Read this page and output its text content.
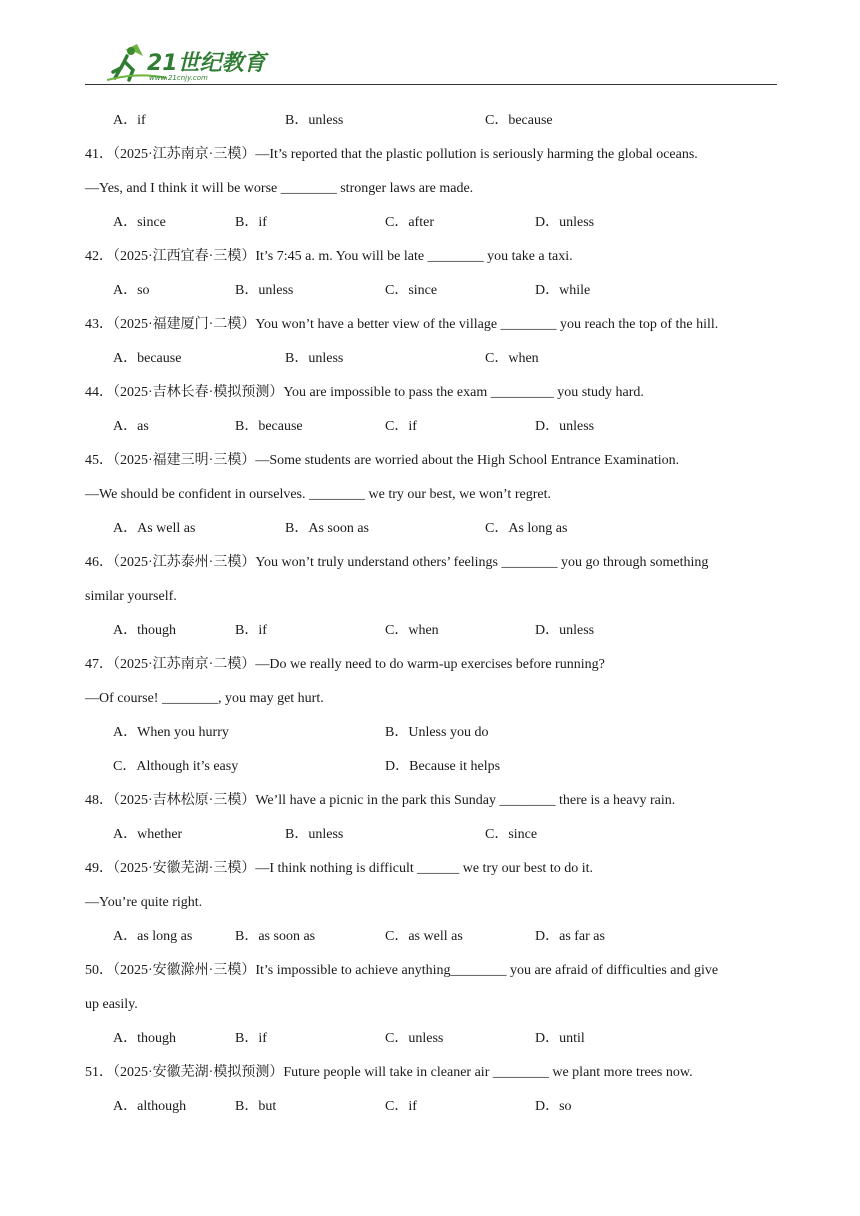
21世纪教育
www.21cnjy.com
A．if	B．unless	C．because
41．（2025·江苏南京·三模）—It’s reported that the plastic pollution is seriously harming the global oceans.
—Yes, and I think it will be worse ________ stronger laws are made.
A．since	B．if	C．after	D．unless
42．（2025·江西宜春·三模）It’s 7:45 a. m. You will be late ________ you take a taxi.
A．so	B．unless	C．since	D．while
43．（2025·福建厦门·二模）You won’t have a better view of the village ________ you reach the top of the hill.
A．because	B．unless	C．when
44．（2025·吉林长春·模拟预测）You are impossible to pass the exam _________ you study hard.
A．as	B．because	C．if	D．unless
45．（2025·福建三明·三模）—Some students are worried about the High School Entrance Examination.
—We should be confident in ourselves. ________ we try our best, we won’t regret.
A．As well as	B．As soon as	C．As long as
46．（2025·江苏泰州·三模）You won’t truly understand others’ feelings ________ you go through something
similar yourself.
A．though	B．if	C．when	D．unless
47．（2025·江苏南京·二模）—Do we really need to do warm-up exercises before running?
—Of course! ________, you may get hurt.
A．When you hurry	B．Unless you do
C．Although it’s easy	D．Because it helps
48．（2025·吉林松原·三模）We’ll have a picnic in the park this Sunday ________ there is a heavy rain.
A．whether	B．unless	C．since
49．（2025·安徽芜湖·三模）—I think nothing is difficult ______ we try our best to do it.
—You’re quite right.
A．as long as	B．as soon as	C．as well as	D．as far as
50．（2025·安徽滁州·三模）It’s impossible to achieve anything________ you are afraid of difficulties and give
up easily.
A．though	B．if	C．unless	D．until
51．（2025·安徽芜湖·模拟预测）Future people will take in cleaner air ________ we plant more trees now.
A．although	B．but	C．if	D．so
